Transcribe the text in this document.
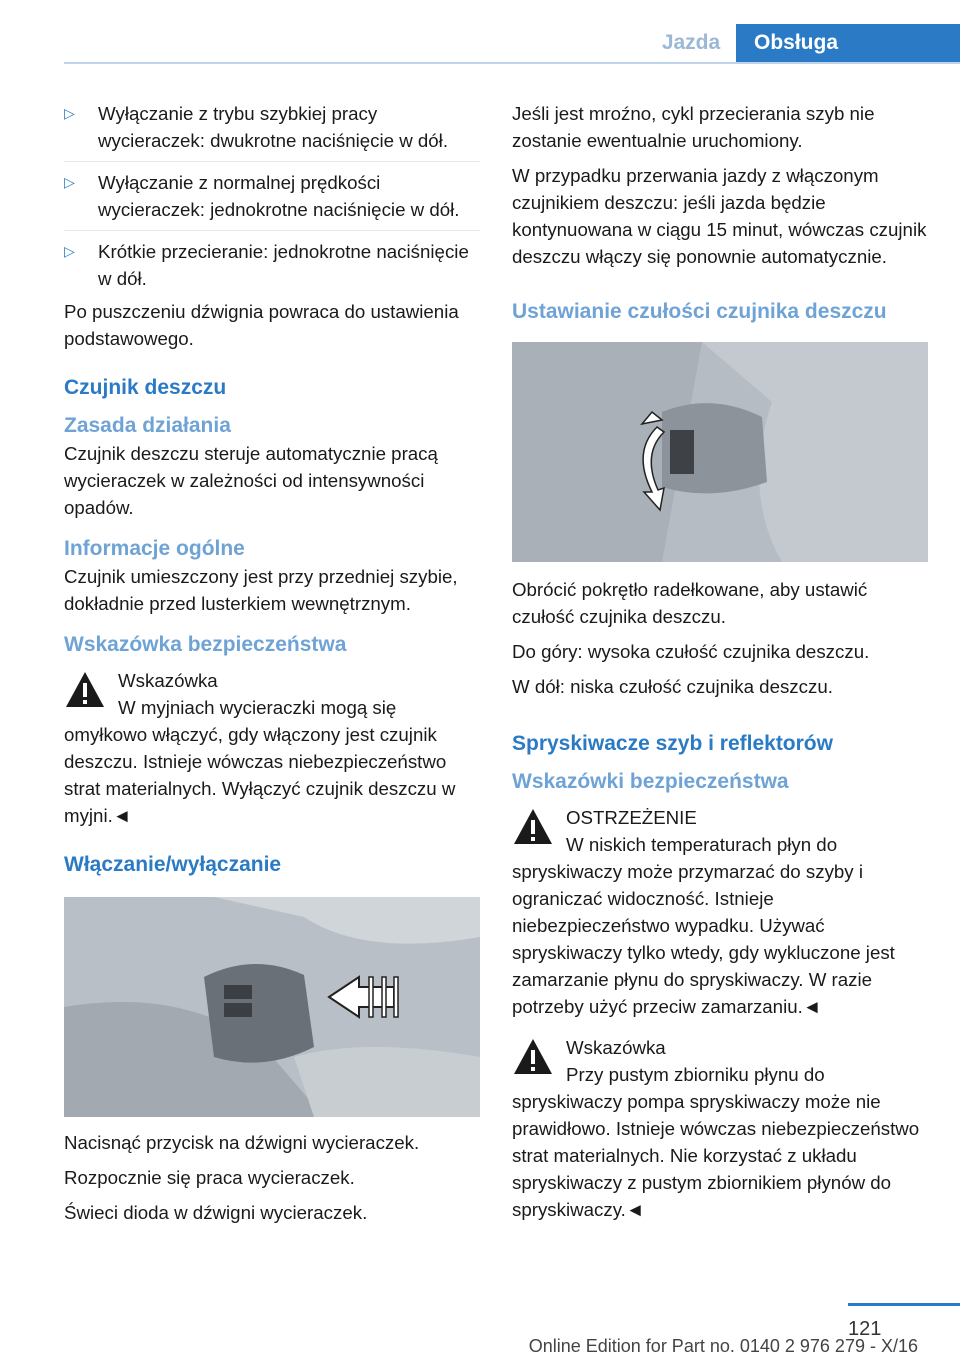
Jazda	Obsługa
▷ Wyłączanie z trybu szybkiej pracy wycieraczek: dwukrotne naciśnięcie w dół.
▷ Wyłączanie z normalnej prędkości wycieraczek: jednokrotne naciśnięcie w dół.
▷ Krótkie przecieranie: jednokrotne naciśnięcie w dół.

Po puszczeniu dźwignia powraca do ustawienia podstawowego.

Czujnik deszczu
Zasada działania

Czujnik deszczu steruje automatycznie pracą wycieraczek w zależności od intensywności opadów.

Informacje ogólne

Czujnik umieszczony jest przy przedniej szybie, dokładnie przed lusterkiem wewnętrznym.

Wskazówka bezpieczeństwa
Wskazówka
W myjniach wycieraczki mogą się omyłkowo włączyć, gdy włączony jest czujnik deszczu. Istnieje wówczas niebezpieczeństwo strat materialnych. Wyłączyć czujnik deszczu w myjni.◄
Włączanie/wyłączanie

Nacisnąć przycisk na dźwigni wycieraczek.

Rozpocznie się praca wycieraczek.

Świeci dioda w dźwigni wycieraczek.

Jeśli jest mroźno, cykl przecierania szyb nie zostanie ewentualnie uruchomiony.

W przypadku przerwania jazdy z włączonym czujnikiem deszczu: jeśli jazda będzie kontynuowana w ciągu 15 minut, wówczas czujnik deszczu włączy się ponownie automatycznie.

Ustawianie czułości czujnika deszczu

Obrócić pokrętło radełkowane, aby ustawić czułość czujnika deszczu.

Do góry: wysoka czułość czujnika deszczu.

W dół: niska czułość czujnika deszczu.

Spryskiwacze szyb i reflektorów
Wskazówki bezpieczeństwa
OSTRZEŻENIE
W niskich temperaturach płyn do spryskiwaczy może przymarzać do szyby i ograniczać widoczność. Istnieje niebezpieczeństwo wypadku. Używać spryskiwaczy tylko wtedy, gdy wykluczone jest zamarzanie płynu do spryskiwaczy. W razie potrzeby użyć przeciw zamarzaniu.◄
Wskazówka
Przy pustym zbiorniku płynu do spryskiwaczy pompa spryskiwaczy może nie prawidłowo. Istnieje wówczas niebezpieczeństwo strat materialnych. Nie korzystać z układu spryskiwaczy z pustym zbiornikiem płynów do spryskiwaczy.◄
121
Online Edition for Part no. 0140 2 976 279 - X/16
